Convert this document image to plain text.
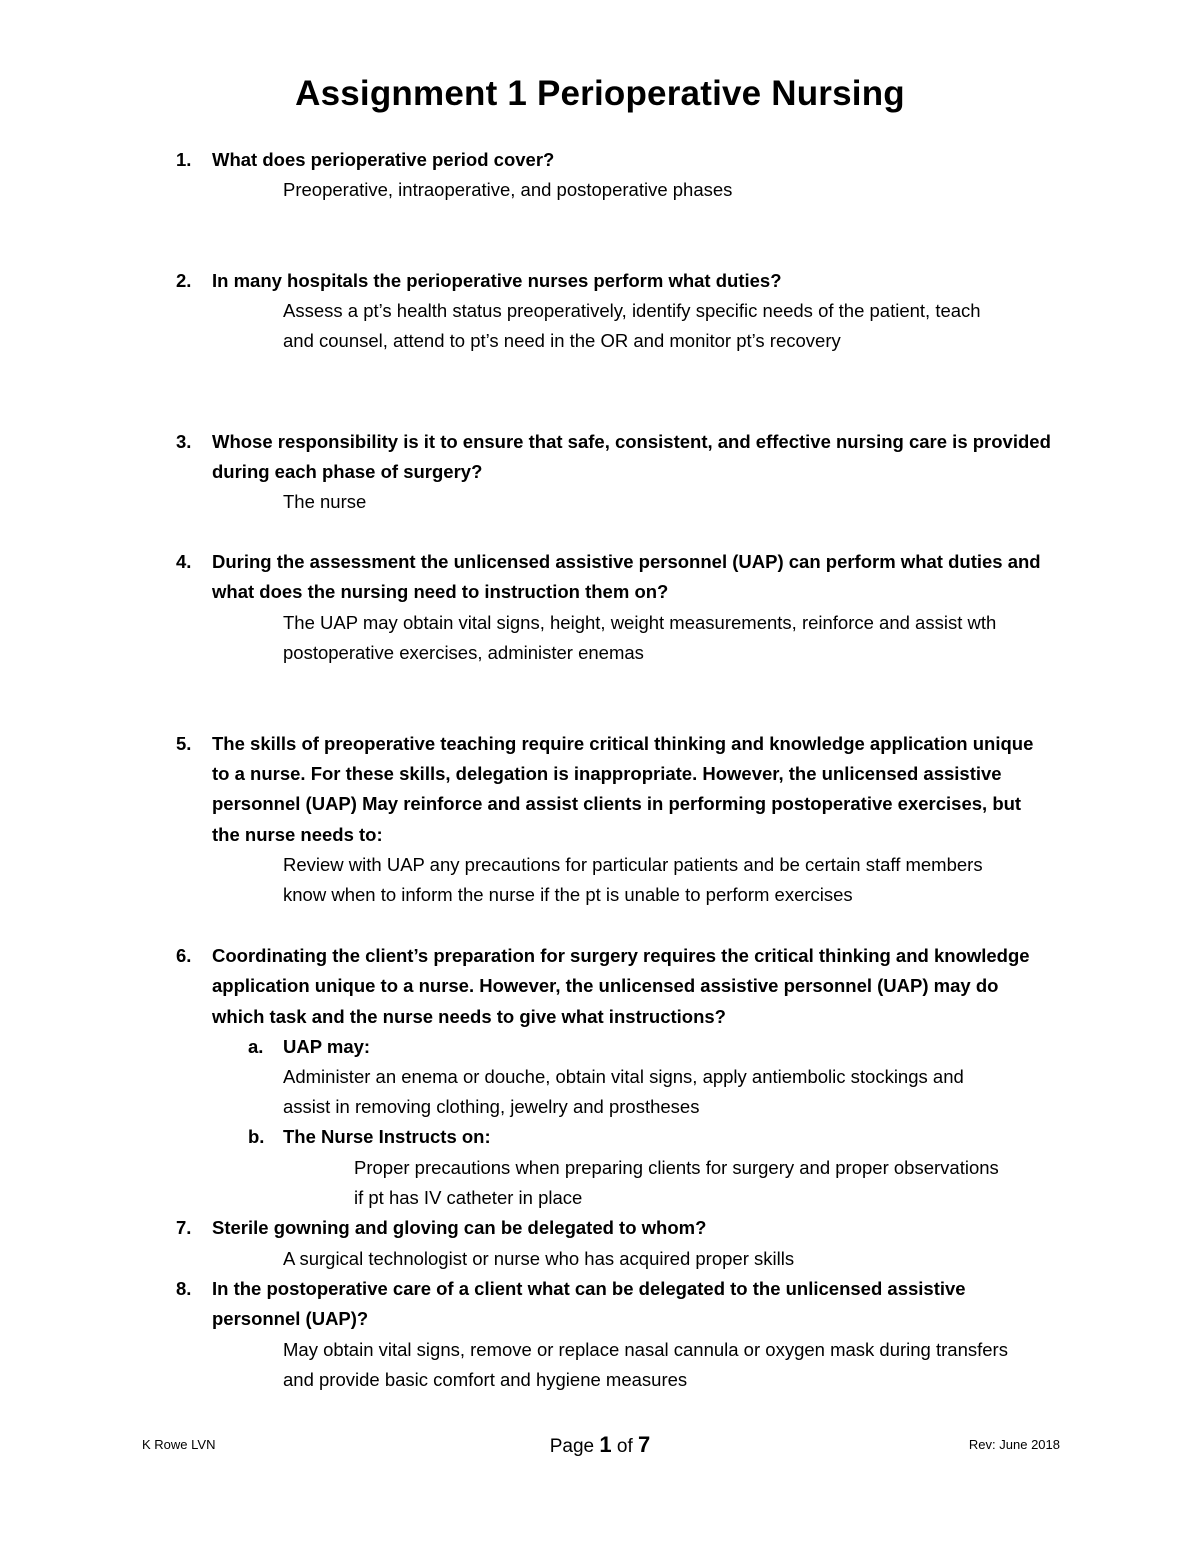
Assignment 1 Perioperative Nursing
1. What does perioperative period cover?
Preoperative, intraoperative, and postoperative phases
2. In many hospitals the perioperative nurses perform what duties?
Assess a pt’s health status preoperatively, identify specific needs of the patient, teach
and counsel, attend to pt’s need in the OR and monitor pt’s recovery
3. Whose responsibility is it to ensure that safe, consistent, and effective nursing care is provided
during each phase of surgery?
The nurse
4. During the assessment the unlicensed assistive personnel (UAP) can perform what duties and
what does the nursing need to instruction them on?
The UAP may obtain vital signs, height, weight measurements, reinforce and assist wth
postoperative exercises, administer enemas
5. The skills of preoperative teaching require critical thinking and knowledge application unique
to a nurse. For these skills, delegation is inappropriate. However, the unlicensed assistive
personnel (UAP) May reinforce and assist clients in performing postoperative exercises, but
the nurse needs to:
Review with UAP any precautions for particular patients and be certain staff members
know when to inform the nurse if the pt is unable to perform exercises
6. Coordinating the client’s preparation for surgery requires the critical thinking and knowledge
application unique to a nurse. However, the unlicensed assistive personnel (UAP) may do
which task and the nurse needs to give what instructions?
a. UAP may:
Administer an enema or douche, obtain vital signs, apply antiembolic stockings and
assist in removing clothing, jewelry and prostheses
b. The Nurse Instructs on:
Proper precautions when preparing clients for surgery and proper observations
if pt has IV catheter in place
7. Sterile gowning and gloving can be delegated to whom?
A surgical technologist or nurse who has acquired proper skills
8. In the postoperative care of a client what can be delegated to the unlicensed assistive
personnel (UAP)?
May obtain vital signs, remove or replace nasal cannula or oxygen mask during transfers
and provide basic comfort and hygiene measures
K Rowe LVN	Page 1 of 7	Rev: June 2018
